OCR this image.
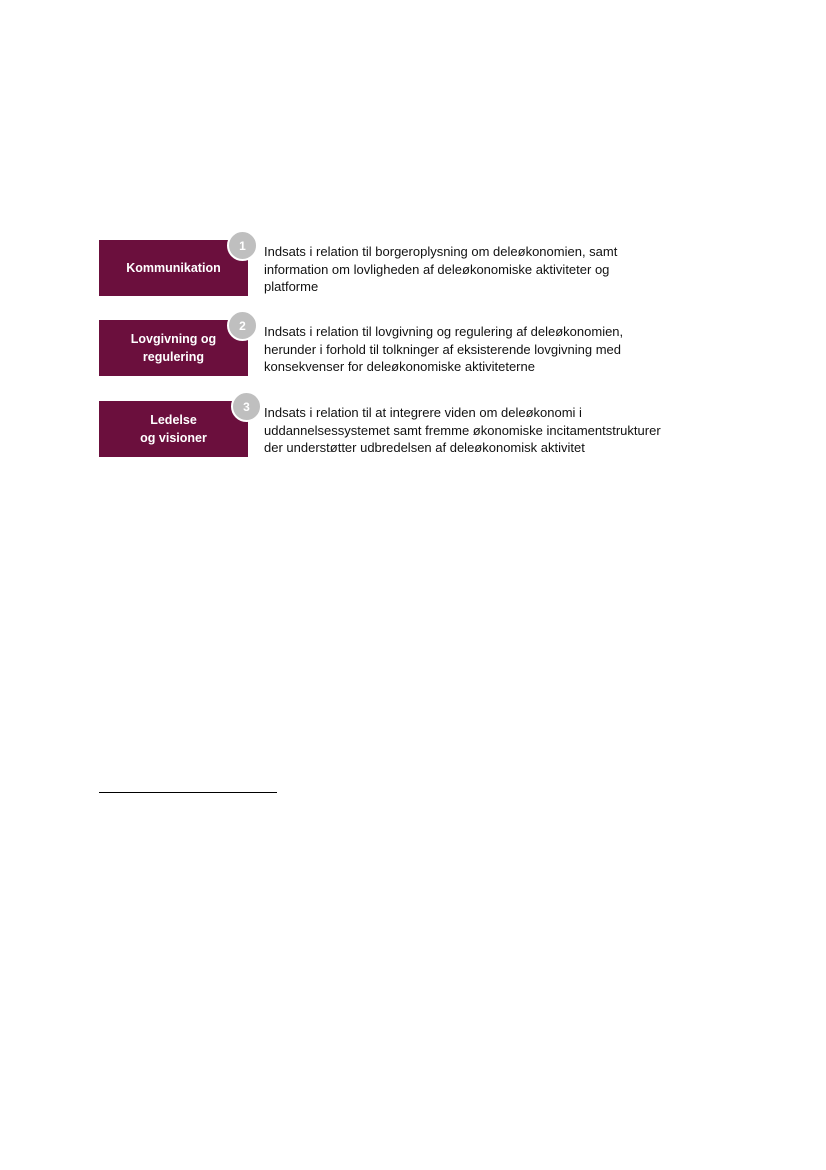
Kommunikation
1	Indsats i relation til borgeroplysning om deleøkonomien, samt
information om lovligheden af deleøkonomiske aktiviteter og
platforme
Lovgivning og
regulering
2	Indsats i relation til lovgivning og regulering af deleøkonomien,
herunder i forhold til tolkninger af eksisterende lovgivning med
konsekvenser for deleøkonomiske aktiviteterne
Ledelse
og visioner
3	Indsats i relation til at integrere viden om deleøkonomi i
uddannelsessystemet samt fremme økonomiske incitamentstrukturer
der understøtter udbredelsen af deleøkonomisk aktivitet
